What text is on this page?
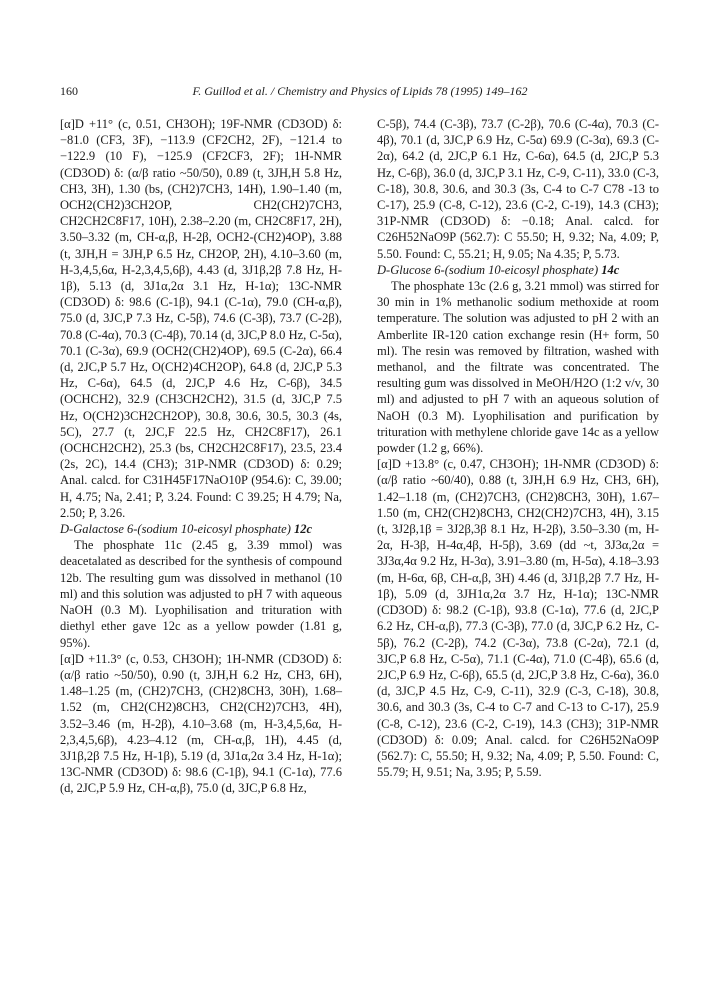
160	F. Guillod et al. / Chemistry and Physics of Lipids 78 (1995) 149–162

[α]D +11° (c, 0.51, CH3OH); 19F-NMR (CD3OD) δ: −81.0 (CF3, 3F), −113.9 (CF2CH2, 2F), −121.4 to −122.9 (10 F), −125.9 (CF2CF3, 2F); 1H-NMR (CD3OD) δ: (α/β ratio ~50/50), 0.89 (t, 3JH,H 5.8 Hz, CH3, 3H), 1.30 (bs, (CH2)7CH3, 14H), 1.90–1.40 (m, OCH2(CH2)3CH2OP, CH2(CH2)7CH3, CH2CH2C8F17, 10H), 2.38–2.20 (m, CH2C8F17, 2H), 3.50–3.32 (m, CH-α,β, H-2β, OCH2-(CH2)4OP), 3.88 (t, 3JH,H = 3JH,P 6.5 Hz, CH2OP, 2H), 4.10–3.60 (m, H-3,4,5,6α, H-2,3,4,5,6β), 4.43 (d, 3J1β,2β 7.8 Hz, H-1β), 5.13 (d, 3J1α,2α 3.1 Hz, H-1α); 13C-NMR (CD3OD) δ: 98.6 (C-1β), 94.1 (C-1α), 79.0 (CH-α,β), 75.0 (d, 3JC,P 7.3 Hz, C-5β), 74.6 (C-3β), 73.7 (C-2β), 70.8 (C-4α), 70.3 (C-4β), 70.14 (d, 3JC,P 8.0 Hz, C-5α), 70.1 (C-3α), 69.9 (OCH2(CH2)4OP), 69.5 (C-2α), 66.4 (d, 2JC,P 5.7 Hz, O(CH2)4CH2OP), 64.8 (d, 2JC,P 5.3 Hz, C-6α), 64.5 (d, 2JC,P 4.6 Hz, C-6β), 34.5 (OCHCH2), 32.9 (CH3CH2CH2), 31.5 (d, 3JC,P 7.5 Hz, O(CH2)3CH2CH2OP), 30.8, 30.6, 30.5, 30.3 (4s, 5C), 27.7 (t, 2JC,F 22.5 Hz, CH2C8F17), 26.1 (OCHCH2CH2), 25.3 (bs, CH2CH2C8F17), 23.5, 23.4 (2s, 2C), 14.4 (CH3); 31P-NMR (CD3OD) δ: 0.29; Anal. calcd. for C31H45F17NaO10P (954.6): C, 39.00; H, 4.75; Na, 2.41; P, 3.24. Found: C 39.25; H 4.79; Na, 2.50; P, 3.26.

D-Galactose 6-(sodium 10-eicosyl phosphate) 12c

The phosphate 11c (2.45 g, 3.39 mmol) was deacetalated as described for the synthesis of compound 12b. The resulting gum was dissolved in methanol (10 ml) and this solution was adjusted to pH 7 with aqueous NaOH (0.3 M). Lyophilisation and trituration with diethyl ether gave 12c as a yellow powder (1.81 g, 95%).

[α]D +11.3° (c, 0.53, CH3OH); 1H-NMR (CD3OD) δ: (α/β ratio ~50/50), 0.90 (t, 3JH,H 6.2 Hz, CH3, 6H), 1.48–1.25 (m, (CH2)7CH3, (CH2)8CH3, 30H), 1.68–1.52 (m, CH2(CH2)8CH3, CH2(CH2)7CH3, 4H), 3.52–3.46 (m, H-2β), 4.10–3.68 (m, H-3,4,5,6α, H-2,3,4,5,6β), 4.23–4.12 (m, CH-α,β, 1H), 4.45 (d, 3J1β,2β 7.5 Hz, H-1β), 5.19 (d, 3J1α,2α 3.4 Hz, H-1α); 13C-NMR (CD3OD) δ: 98.6 (C-1β), 94.1 (C-1α), 77.6 (d, 2JC,P 5.9 Hz, CH-α,β), 75.0 (d, 3JC,P 6.8 Hz,

C-5β), 74.4 (C-3β), 73.7 (C-2β), 70.6 (C-4α), 70.3 (C-4β), 70.1 (d, 3JC,P 6.9 Hz, C-5α) 69.9 (C-3α), 69.3 (C-2α), 64.2 (d, 2JC,P 6.1 Hz, C-6α), 64.5 (d, 2JC,P 5.3 Hz, C-6β), 36.0 (d, 3JC,P 3.1 Hz, C-9, C-11), 33.0 (C-3, C-18), 30.8, 30.6, and 30.3 (3s, C-4 to C-7 C78 -13 to C-17), 25.9 (C-8, C-12), 23.6 (C-2, C-19), 14.3 (CH3); 31P-NMR (CD3OD) δ: −0.18; Anal. calcd. for C26H52NaO9P (562.7): C 55.50; H, 9.32; Na, 4.09; P, 5.50. Found: C, 55.21; H, 9.05; Na 4.35; P, 5.73.

D-Glucose 6-(sodium 10-eicosyl phosphate) 14c

The phosphate 13c (2.6 g, 3.21 mmol) was stirred for 30 min in 1% methanolic sodium methoxide at room temperature. The solution was adjusted to pH 2 with an Amberlite IR-120 cation exchange resin (H+ form, 50 ml). The resin was removed by filtration, washed with methanol, and the filtrate was concentrated. The resulting gum was dissolved in MeOH/H2O (1:2 v/v, 30 ml) and adjusted to pH 7 with an aqueous solution of NaOH (0.3 M). Lyophilisation and purification by trituration with methylene chloride gave 14c as a yellow powder (1.2 g, 66%).

[α]D +13.8° (c, 0.47, CH3OH); 1H-NMR (CD3OD) δ: (α/β ratio ~60/40), 0.88 (t, 3JH,H 6.9 Hz, CH3, 6H), 1.42–1.18 (m, (CH2)7CH3, (CH2)8CH3, 30H), 1.67–1.50 (m, CH2(CH2)8CH3, CH2(CH2)7CH3, 4H), 3.15 (t, 3J2β,1β = 3J2β,3β 8.1 Hz, H-2β), 3.50–3.30 (m, H-2α, H-3β, H-4α,4β, H-5β), 3.69 (dd ~t, 3J3α,2α = 3J3α,4α 9.2 Hz, H-3α), 3.91–3.80 (m, H-5α), 4.18–3.93 (m, H-6α, 6β, CH-α,β, 3H) 4.46 (d, 3J1β,2β 7.7 Hz, H-1β), 5.09 (d, 3JH1α,2α 3.7 Hz, H-1α); 13C-NMR (CD3OD) δ: 98.2 (C-1β), 93.8 (C-1α), 77.6 (d, 2JC,P 6.2 Hz, CH-α,β), 77.3 (C-3β), 77.0 (d, 3JC,P 6.2 Hz, C-5β), 76.2 (C-2β), 74.2 (C-3α), 73.8 (C-2α), 72.1 (d, 3JC,P 6.8 Hz, C-5α), 71.1 (C-4α), 71.0 (C-4β), 65.6 (d, 2JC,P 6.9 Hz, C-6β), 65.5 (d, 2JC,P 3.8 Hz, C-6α), 36.0 (d, 3JC,P 4.5 Hz, C-9, C-11), 32.9 (C-3, C-18), 30.8, 30.6, and 30.3 (3s, C-4 to C-7 and C-13 to C-17), 25.9 (C-8, C-12), 23.6 (C-2, C-19), 14.3 (CH3); 31P-NMR (CD3OD) δ: 0.09; Anal. calcd. for C26H52NaO9P (562.7): C, 55.50; H, 9.32; Na, 4.09; P, 5.50. Found: C, 55.79; H, 9.51; Na, 3.95; P, 5.59.
